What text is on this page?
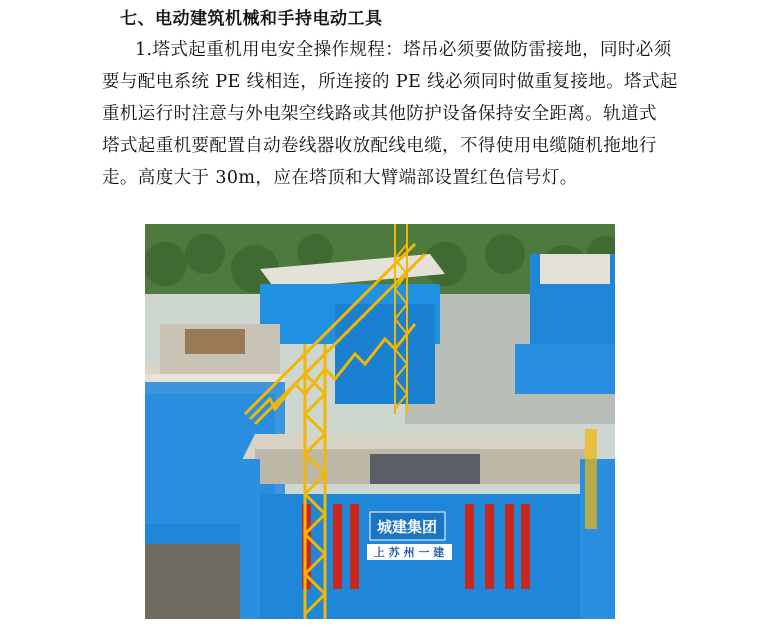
七、电动建筑机械和手持电动工具
1.塔式起重机用电安全操作规程：塔吊必须要做防雷接地，同时必须
要与配电系统 PE 线相连，所连接的 PE 线必须同时做重复接地。塔式起
重机运行时注意与外电架空线路或其他防护设备保持安全距离。轨道式
塔式起重机要配置自动卷线器收放配线电缆，不得使用电缆随机拖地行
走。高度大于 30m，应在塔顶和大臂端部设置红色信号灯。
城建集团
上 苏 州 一 建
